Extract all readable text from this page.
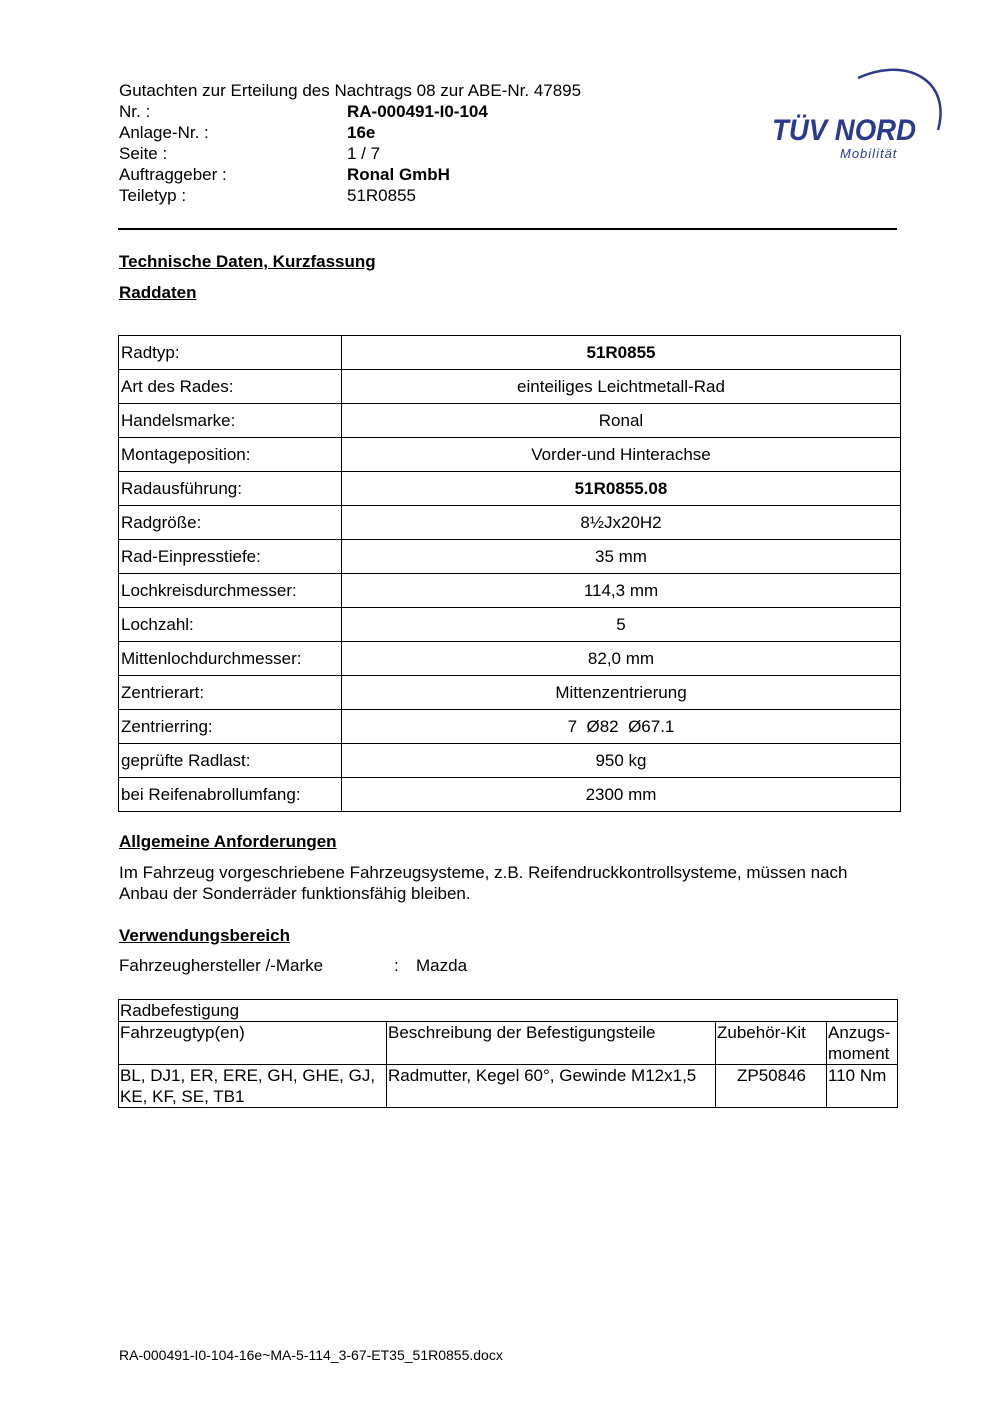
Gutachten zur Erteilung des Nachtrags 08 zur ABE-Nr. 47895
Nr. :	RA-000491-I0-104
Anlage-Nr. :	16e
Seite :	1 / 7
Auftraggeber :	Ronal GmbH
Teiletyp :	51R0855
TÜV NORD
Mobilität
Technische Daten, Kurzfassung
Raddaten
Radtyp:	51R0855
Art des Rades:	einteiliges Leichtmetall-Rad
Handelsmarke:	Ronal
Montageposition:	Vorder-und Hinterachse
Radausführung:	51R0855.08
Radgröße:	8½Jx20H2
Rad-Einpresstiefe:	35 mm
Lochkreisdurchmesser:	114,3 mm
Lochzahl:	5
Mittenlochdurchmesser:	82,0 mm
Zentrierart:	Mittenzentrierung
Zentrierring:	7  Ø82  Ø67.1
geprüfte Radlast:	950 kg
bei Reifenabrollumfang:	2300 mm
Allgemeine Anforderungen
Im Fahrzeug vorgeschriebene Fahrzeugsysteme, z.B. Reifendruckkontrollsysteme, müssen nach Anbau der Sonderräder funktionsfähig bleiben.
Verwendungsbereich
Fahrzeughersteller /-Marke	:	Mazda
Radbefestigung			
Fahrzeugtyp(en)	Beschreibung der Befestigungsteile	Zubehör-Kit	Anzugs-
moment
BL, DJ1, ER, ERE, GH, GHE, GJ, KE, KF, SE, TB1	Radmutter, Kegel 60°, Gewinde M12x1,5	ZP50846	110 Nm
RA-000491-I0-104-16e~MA-5-114_3-67-ET35_51R0855.docx
